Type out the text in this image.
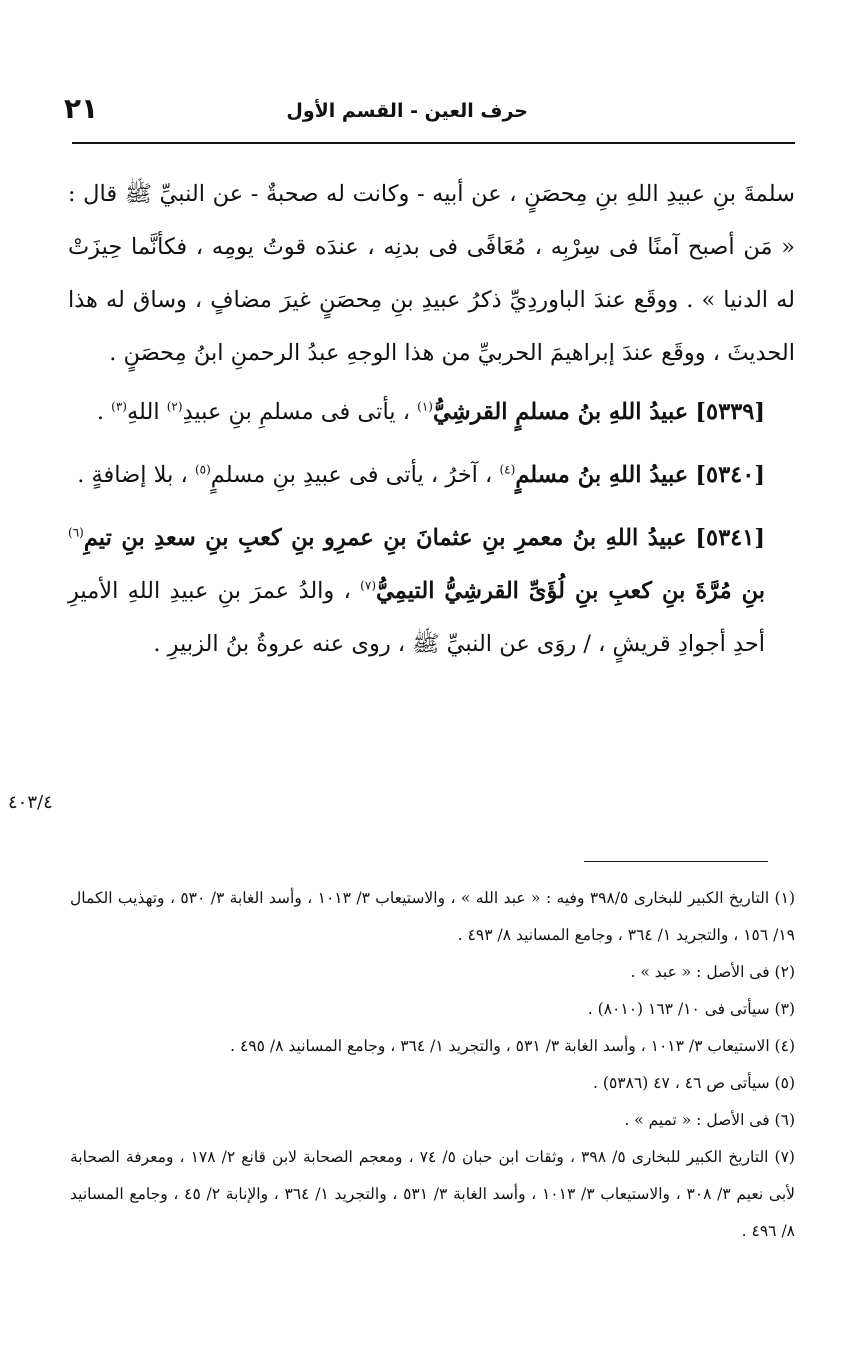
٢١	حرف العين - القسم الأول

سلمةَ بنِ عبيدِ اللهِ بنِ مِحصَنٍ ، عن أبيه - وكانت له صحبةٌ - عن النبيِّ ﷺ قال : « مَن أصبح آمنًا فى سِرْبِه ، مُعَافًى فى بدنِه ، عندَه قوتُ يومِه ، فكأنَّما حِيزَتْ له الدنيا » . ووقَع عندَ الباوردِيِّ ذكرُ عبيدِ بنِ مِحصَنٍ غيرَ مضافٍ ، وساق له هذا الحديثَ ، ووقَع عندَ إبراهيمَ الحربيِّ من هذا الوجهِ عبدُ الرحمنِ ابنُ مِحصَنٍ .

[٥٣٣٩] عبيدُ اللهِ بنُ مسلمٍ القرشِيُّ$^{(١)}$ ، يأتى فى مسلمِ بنِ عبيدِ$^{(٢)}$ اللهِ$^{(٣)}$ .

[٥٣٤٠] عبيدُ اللهِ بنُ مسلمٍ$^{(٤)}$ ، آخرُ ، يأتى فى عبيدِ بنِ مسلمٍ$^{(٥)}$ ، بلا إضافةٍ .

[٥٣٤١] عبيدُ اللهِ بنُ معمرِ بنِ عثمانَ بنِ عمرِو بنِ كعبِ بنِ سعدِ بنِ تيمِ$^{(٦)}$ بنِ مُرَّةَ بنِ كعبِ بنِ لُؤَىِّ القرشِيُّ التيمِيُّ$^{(٧)}$ ، والدُ عمرَ بنِ عبيدِ اللهِ الأميرِ أحدِ أجوادِ قريشٍ ، / روَى عن النبيِّ ﷺ ، روى عنه عروةُ بنُ الزبيرِ .

٤٠٣/٤

(١) التاريخ الكبير للبخارى ٣٩٨/٥ وفيه : « عبد الله » ، والاستيعاب ٣/ ١٠١٣ ، وأسد الغابة ٣/ ٥٣٠ ، وتهذيب الكمال ١٩/ ١٥٦ ، والتجريد ١/ ٣٦٤ ، وجامع المسانيد ٨/ ٤٩٣ .

(٢) فى الأصل : « عبد » .

(٣) سيأتى فى ١٠/ ١٦٣ (٨٠١٠) .

(٤) الاستيعاب ٣/ ١٠١٣ ، وأسد الغابة ٣/ ٥٣١ ، والتجريد ١/ ٣٦٤ ، وجامع المسانيد ٨/ ٤٩٥ .

(٥) سيأتى ص ٤٦ ، ٤٧ (٥٣٨٦) .

(٦) فى الأصل : « تميم » .

(٧) التاريخ الكبير للبخارى ٥/ ٣٩٨ ، وثقات ابن حبان ٥/ ٧٤ ، ومعجم الصحابة لابن قانع ٢/ ١٧٨ ، ومعرفة الصحابة لأبى نعيم ٣/ ٣٠٨ ، والاستيعاب ٣/ ١٠١٣ ، وأسد الغابة ٣/ ٥٣١ ، والتجريد ١/ ٣٦٤ ، والإنابة ٢/ ٤٥ ، وجامع المسانيد ٨/ ٤٩٦ .
